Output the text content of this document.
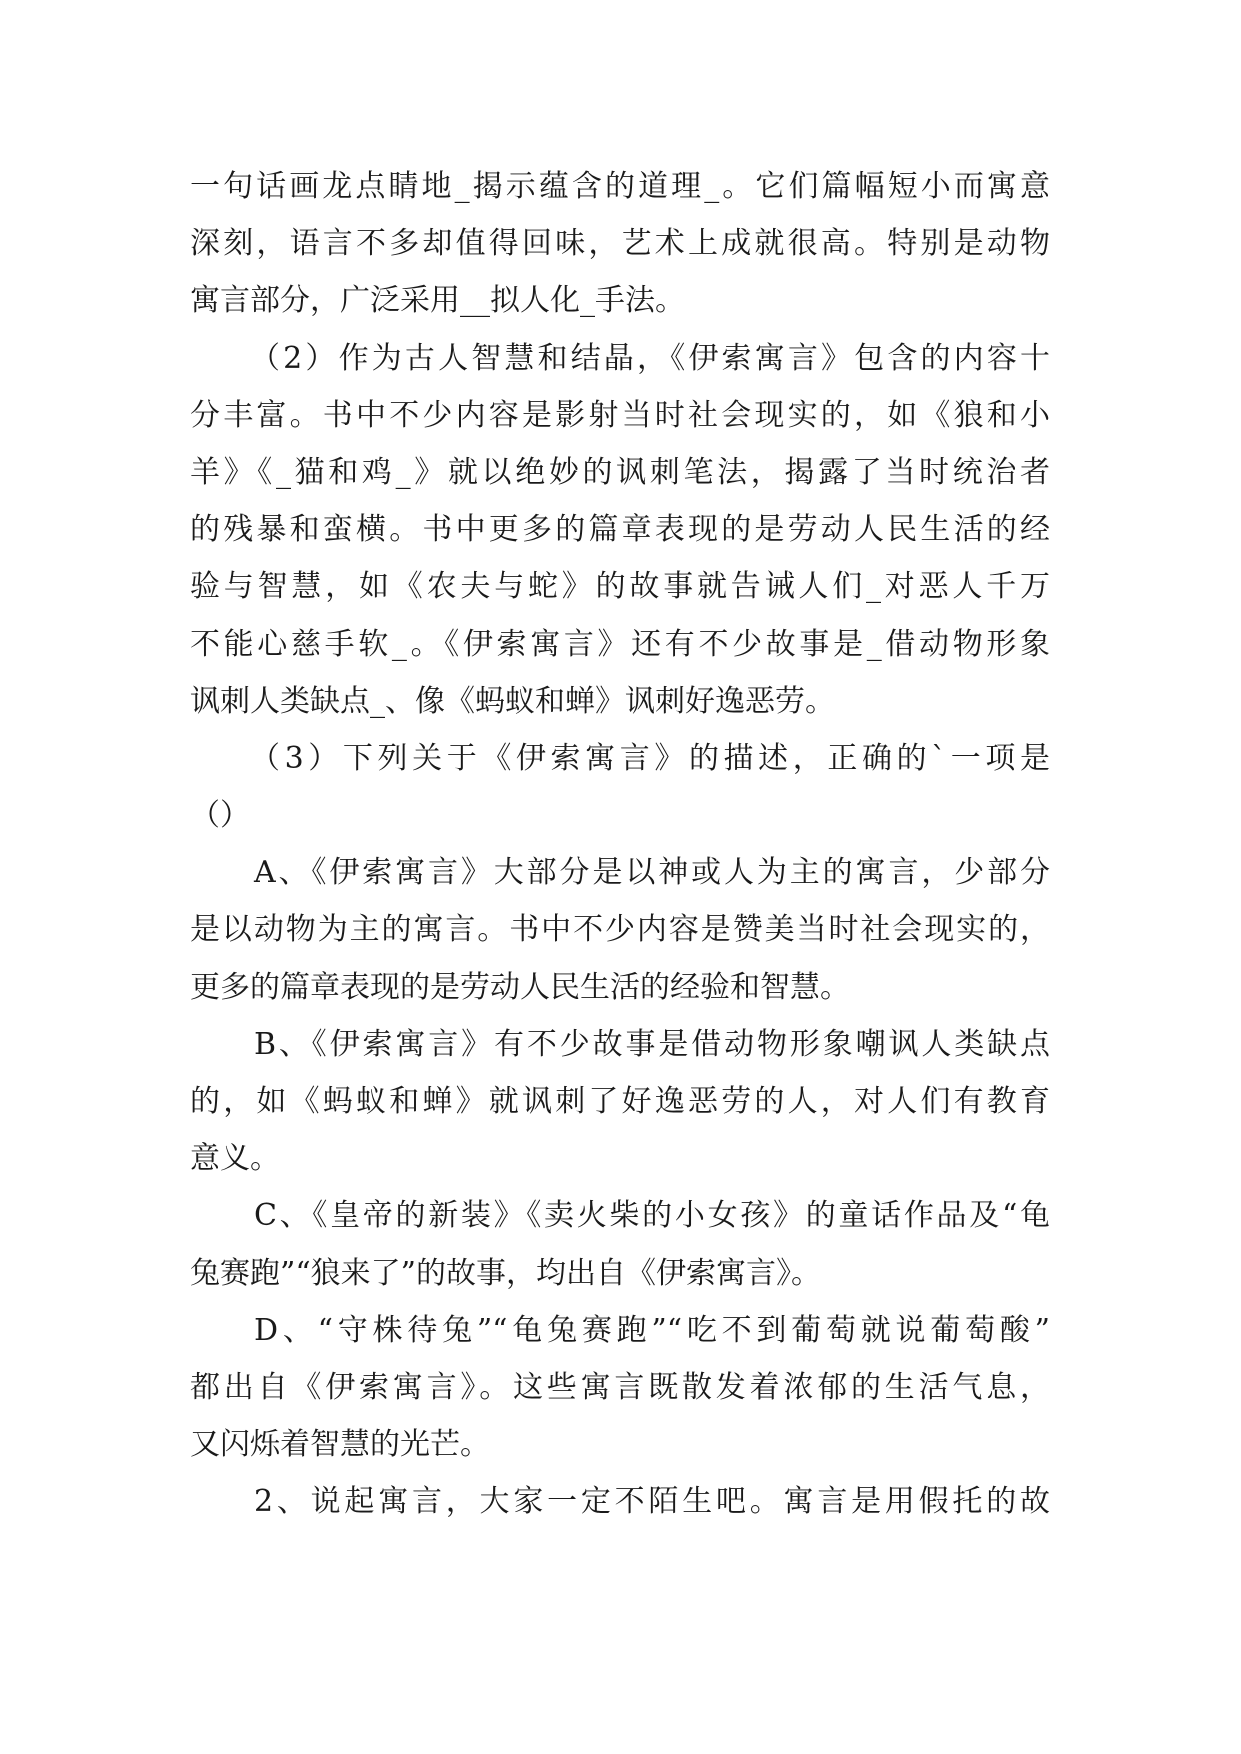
一句话画龙点睛地_揭示蕴含的道理_。它们篇幅短小而寓意
深刻，语言不多却值得回味，艺术上成就很高。特别是动物
寓言部分，广泛采用__拟人化_手法。
（2）作为古人智慧和结晶，《伊索寓言》包含的内容十
分丰富。书中不少内容是影射当时社会现实的，如《狼和小
羊》《_猫和鸡_》就以绝妙的讽刺笔法，揭露了当时统治者
的残暴和蛮横。书中更多的篇章表现的是劳动人民生活的经
验与智慧，如《农夫与蛇》的故事就告诫人们_对恶人千万
不能心慈手软_。《伊索寓言》还有不少故事是_借动物形象
讽刺人类缺点_、像《蚂蚁和蝉》讽刺好逸恶劳。
（3）下列关于《伊索寓言》的描述，正确的`一项是
（）
A、《伊索寓言》大部分是以神或人为主的寓言，少部分
是以动物为主的寓言。书中不少内容是赞美当时社会现实的，
更多的篇章表现的是劳动人民生活的经验和智慧。
B、《伊索寓言》有不少故事是借动物形象嘲讽人类缺点
的，如《蚂蚁和蝉》就讽刺了好逸恶劳的人，对人们有教育
意义。
C、《皇帝的新装》《卖火柴的小女孩》的童话作品及“龟
兔赛跑”“狼来了”的故事，均出自《伊索寓言》。
D、“守株待兔”“龟兔赛跑”“吃不到葡萄就说葡萄酸”
都出自《伊索寓言》。这些寓言既散发着浓郁的生活气息，
又闪烁着智慧的光芒。
2、说起寓言，大家一定不陌生吧。寓言是用假托的故
